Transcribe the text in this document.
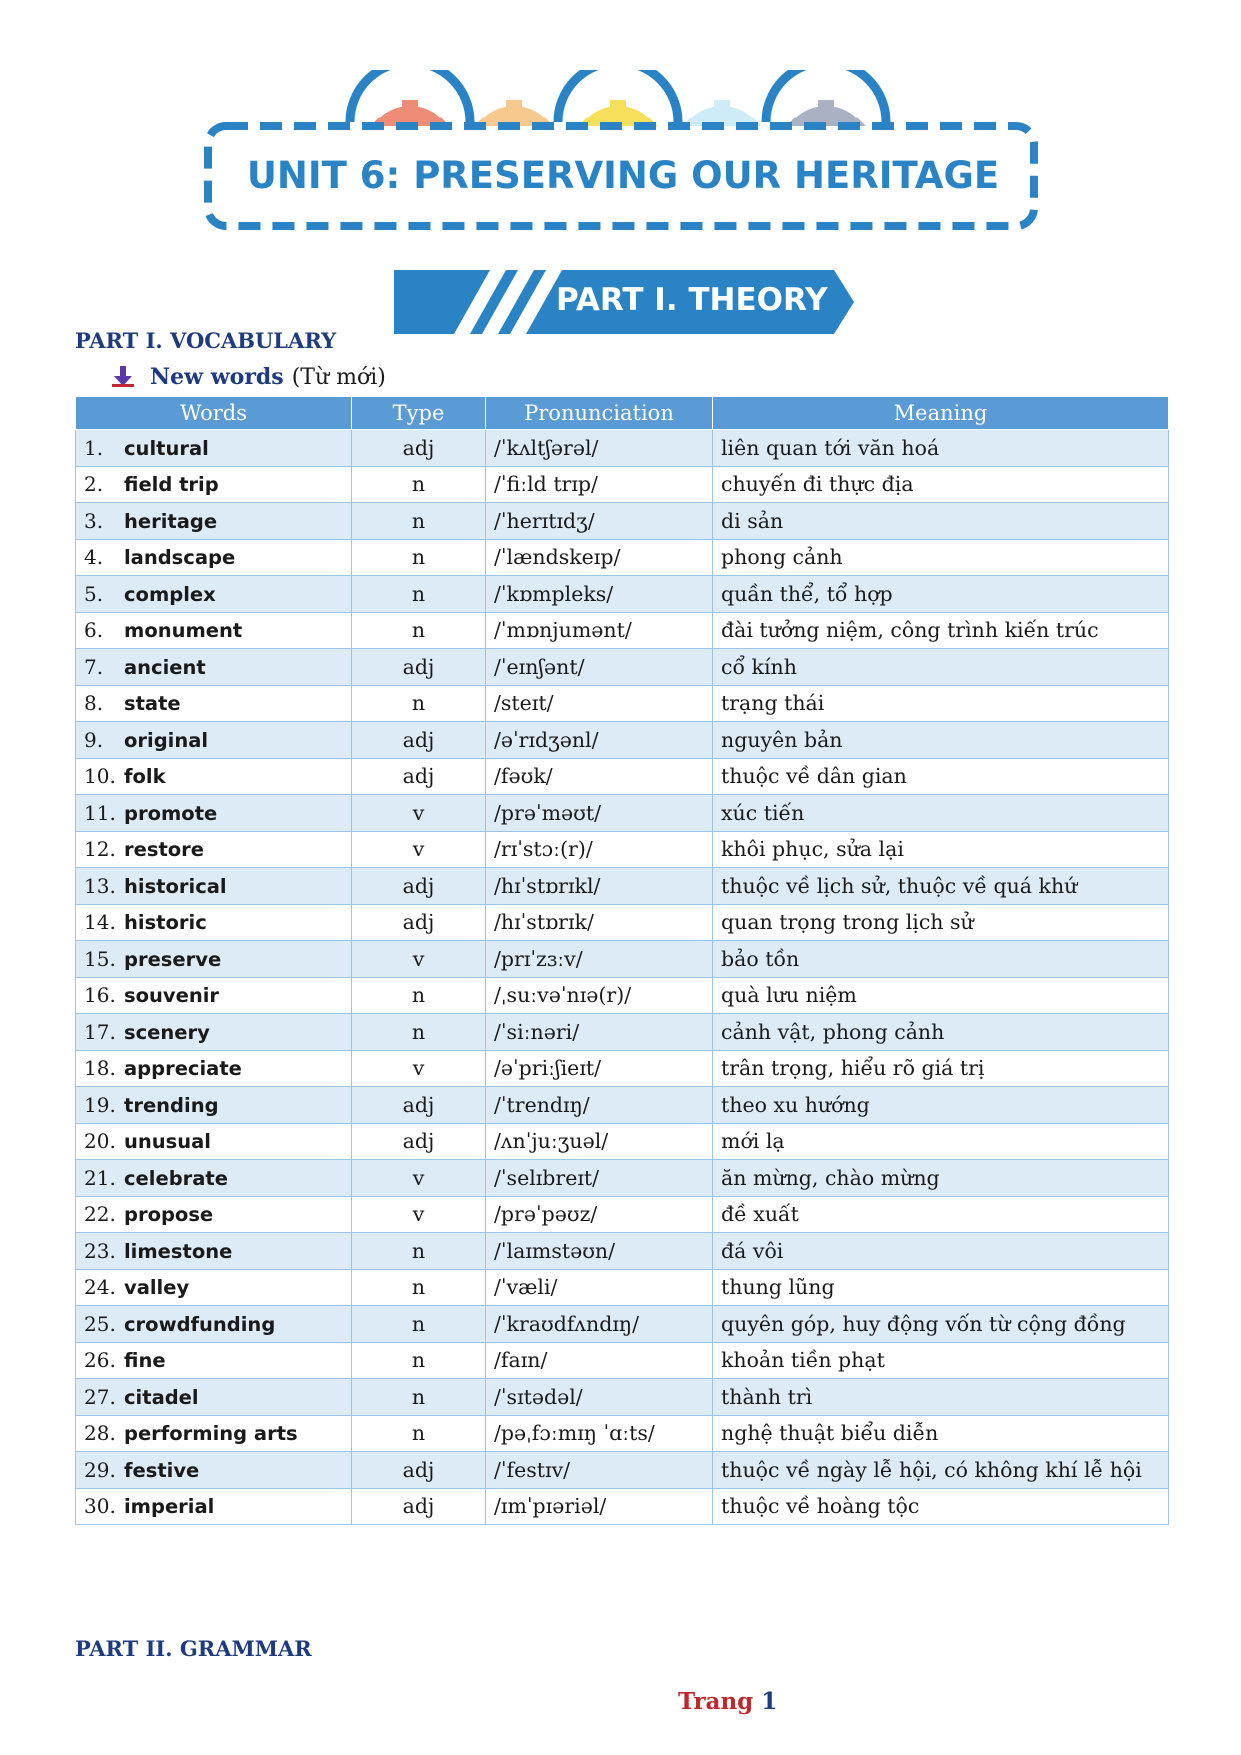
UNIT 6: PRESERVING OUR HERITAGE
PART I. THEORY
PART I. VOCABULARY
New words (Từ mới)
Words	Type	Pronunciation	Meaning
1. cultural	adj	/ˈkʌltʃərəl/	liên quan tới văn hoá
2. field trip	n	/ˈfiːld trɪp/	chuyến đi thực địa
3. heritage	n	/ˈherɪtɪdʒ/	di sản
4. landscape	n	/ˈlændskeɪp/	phong cảnh
5. complex	n	/ˈkɒmpleks/	quần thể, tổ hợp
6. monument	n	/ˈmɒnjumənt/	đài tưởng niệm, công trình kiến trúc
7. ancient	adj	/ˈeɪnʃənt/	cổ kính
8. state	n	/steɪt/	trạng thái
9. original	adj	/əˈrɪdʒənl/	nguyên bản
10. folk	adj	/fəʊk/	thuộc về dân gian
11. promote	v	/prəˈməʊt/	xúc tiến
12. restore	v	/rɪˈstɔː(r)/	khôi phục, sửa lại
13. historical	adj	/hɪˈstɒrɪkl/	thuộc về lịch sử, thuộc về quá khứ
14. historic	adj	/hɪˈstɒrɪk/	quan trọng trong lịch sử
15. preserve	v	/prɪˈzɜːv/	bảo tồn
16. souvenir	n	/ˌsuːvəˈnɪə(r)/	quà lưu niệm
17. scenery	n	/ˈsiːnəri/	cảnh vật, phong cảnh
18. appreciate	v	/əˈpriːʃieɪt/	trân trọng, hiểu rõ giá trị
19. trending	adj	/ˈtrendɪŋ/	theo xu hướng
20. unusual	adj	/ʌnˈjuːʒuəl/	mới lạ
21. celebrate	v	/ˈselɪbreɪt/	ăn mừng, chào mừng
22. propose	v	/prəˈpəʊz/	đề xuất
23. limestone	n	/ˈlaɪmstəʊn/	đá vôi
24. valley	n	/ˈvæli/	thung lũng
25. crowdfunding	n	/ˈkraʊdfʌndɪŋ/	quyên góp, huy động vốn từ cộng đồng
26. fine	n	/faɪn/	khoản tiền phạt
27. citadel	n	/ˈsɪtədəl/	thành trì
28. performing arts	n	/pəˌfɔːmɪŋ ˈɑːts/	nghệ thuật biểu diễn
29. festive	adj	/ˈfestɪv/	thuộc về ngày lễ hội, có không khí lễ hội
30. imperial	adj	/ɪmˈpɪəriəl/	thuộc về hoàng tộc
PART II. GRAMMAR
Trang 1
